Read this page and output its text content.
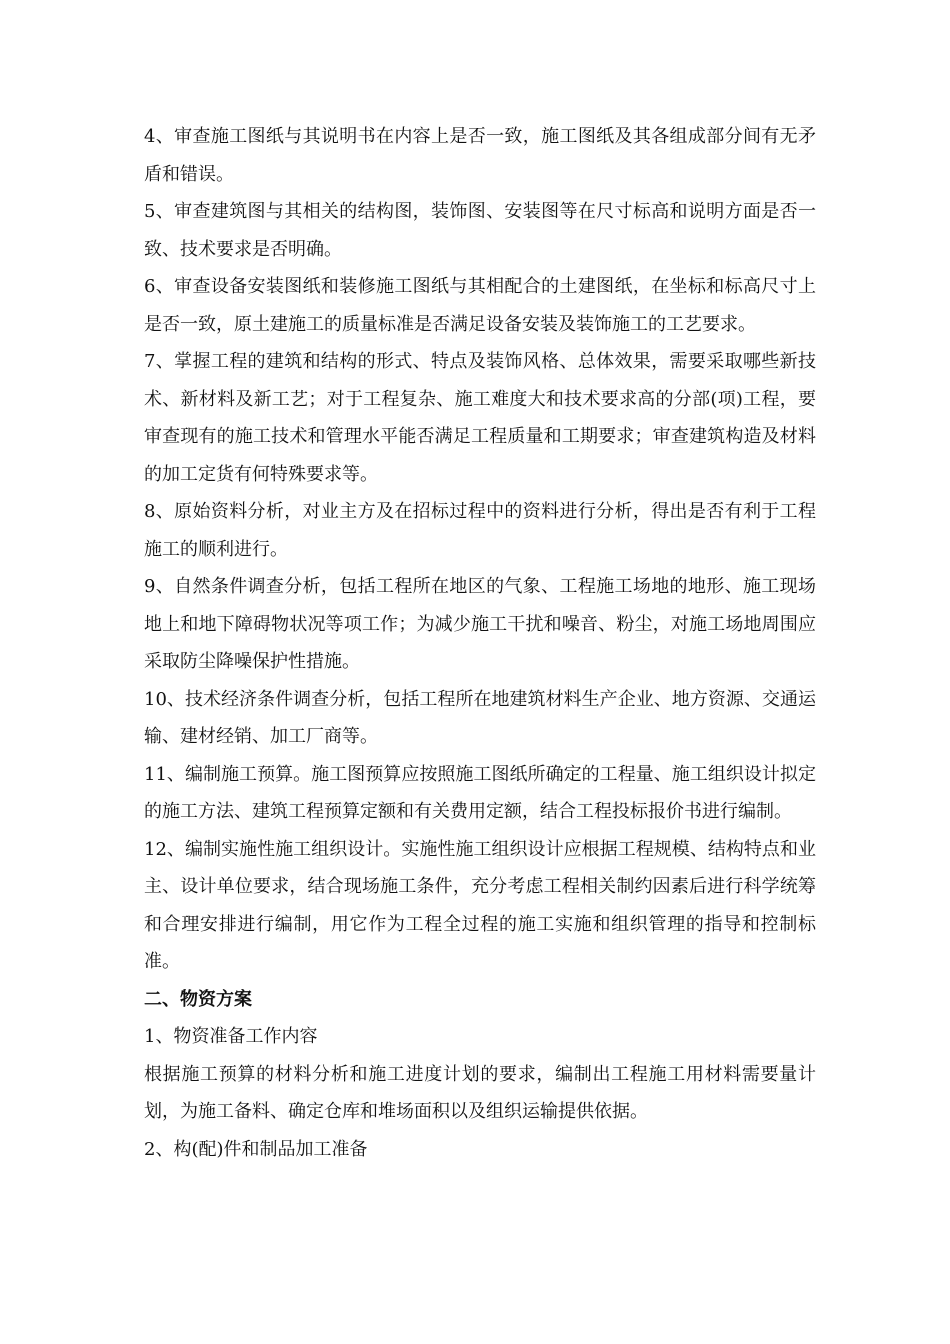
4、审查施工图纸与其说明书在内容上是否一致，施工图纸及其各组成部分间有无矛盾和错误。

5、审查建筑图与其相关的结构图，装饰图、安装图等在尺寸标高和说明方面是否一致、技术要求是否明确。

6、审查设备安装图纸和装修施工图纸与其相配合的土建图纸，在坐标和标高尺寸上是否一致，原土建施工的质量标准是否满足设备安装及装饰施工的工艺要求。

7、掌握工程的建筑和结构的形式、特点及装饰风格、总体效果，需要采取哪些新技术、新材料及新工艺；对于工程复杂、施工难度大和技术要求高的分部(项)工程，要审查现有的施工技术和管理水平能否满足工程质量和工期要求；审查建筑构造及材料的加工定货有何特殊要求等。

8、原始资料分析，对业主方及在招标过程中的资料进行分析，得出是否有利于工程施工的顺利进行。

9、自然条件调查分析，包括工程所在地区的气象、工程施工场地的地形、施工现场地上和地下障碍物状况等项工作；为减少施工干扰和噪音、粉尘，对施工场地周围应采取防尘降噪保护性措施。

10、技术经济条件调查分析，包括工程所在地建筑材料生产企业、地方资源、交通运输、建材经销、加工厂商等。

11、编制施工预算。施工图预算应按照施工图纸所确定的工程量、施工组织设计拟定的施工方法、建筑工程预算定额和有关费用定额，结合工程投标报价书进行编制。

12、编制实施性施工组织设计。实施性施工组织设计应根据工程规模、结构特点和业主、设计单位要求，结合现场施工条件，充分考虑工程相关制约因素后进行科学统筹和合理安排进行编制，用它作为工程全过程的施工实施和组织管理的指导和控制标准。

二、物资方案

1、物资准备工作内容

根据施工预算的材料分析和施工进度计划的要求，编制出工程施工用材料需要量计划，为施工备料、确定仓库和堆场面积以及组织运输提供依据。

2、构(配)件和制品加工准备
